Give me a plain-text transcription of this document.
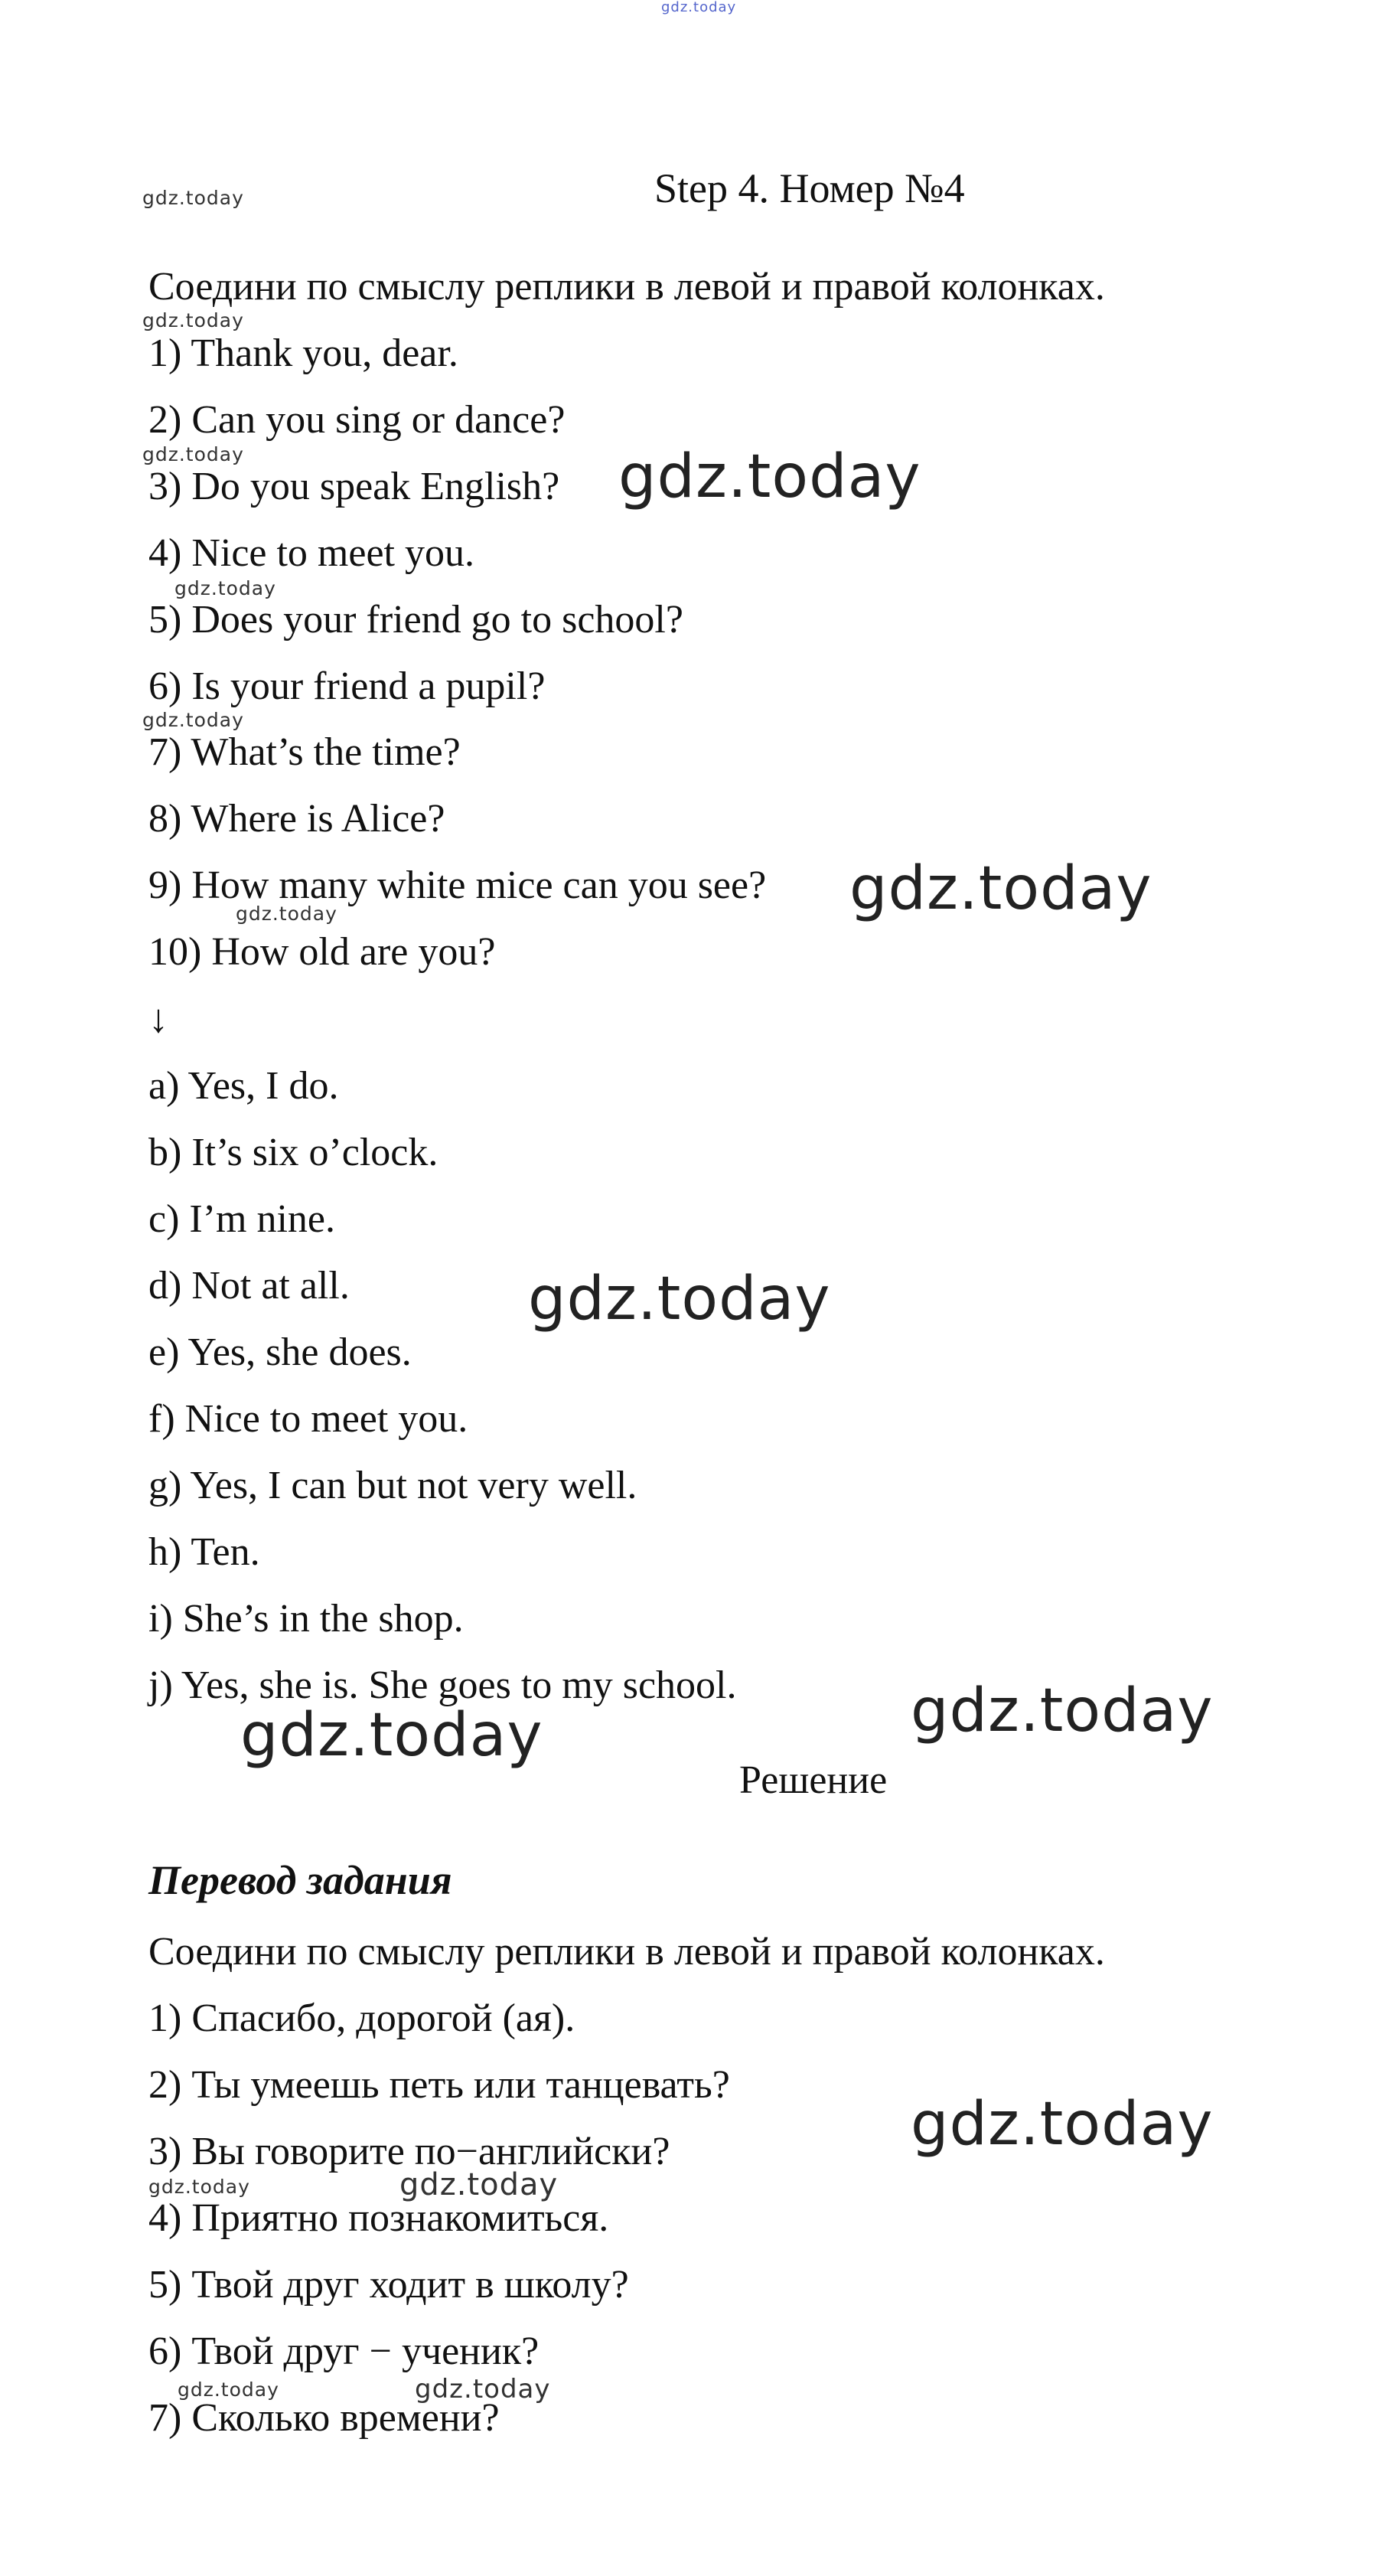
gdz.today
gdz.today	Step 4. Номер №4
Соедини по смыслу реплики в левой и правой колонках.
gdz.today
1) Thank you, dear.
2) Can you sing or dance?
gdz.today
3) Do you speak English? gdz.today
4) Nice to meet you.
gdz.today
5) Does your friend go to school?
6) Is your friend a pupil?
gdz.today
7) What’s the time?
8) Where is Alice?
9) How many white mice can you see? gdz.today
gdz.today
10) How old are you?
↓
a) Yes, I do.
b) It’s six o’clock.
c) I’m nine.
d) Not at all.	gdz.today
e) Yes, she does.
f) Nice to meet you.
g) Yes, I can but not very well.
h) Ten.
i) She’s in the shop.
j) Yes, she is. She goes to my school.	gdz.today
gdz.today
Решение
Перевод задания
Соедини по смыслу реплики в левой и правой колонках.
1) Спасибо, дорогой (ая).
2) Ты умеешь петь или танцевать?
gdz.today
3) Вы говорите по−английски?
gdz.today	gdz.today
4) Приятно познакомиться.
5) Твой друг ходит в школу?
6) Твой друг − ученик?
gdz.today	gdz.today
7) Сколько времени?
